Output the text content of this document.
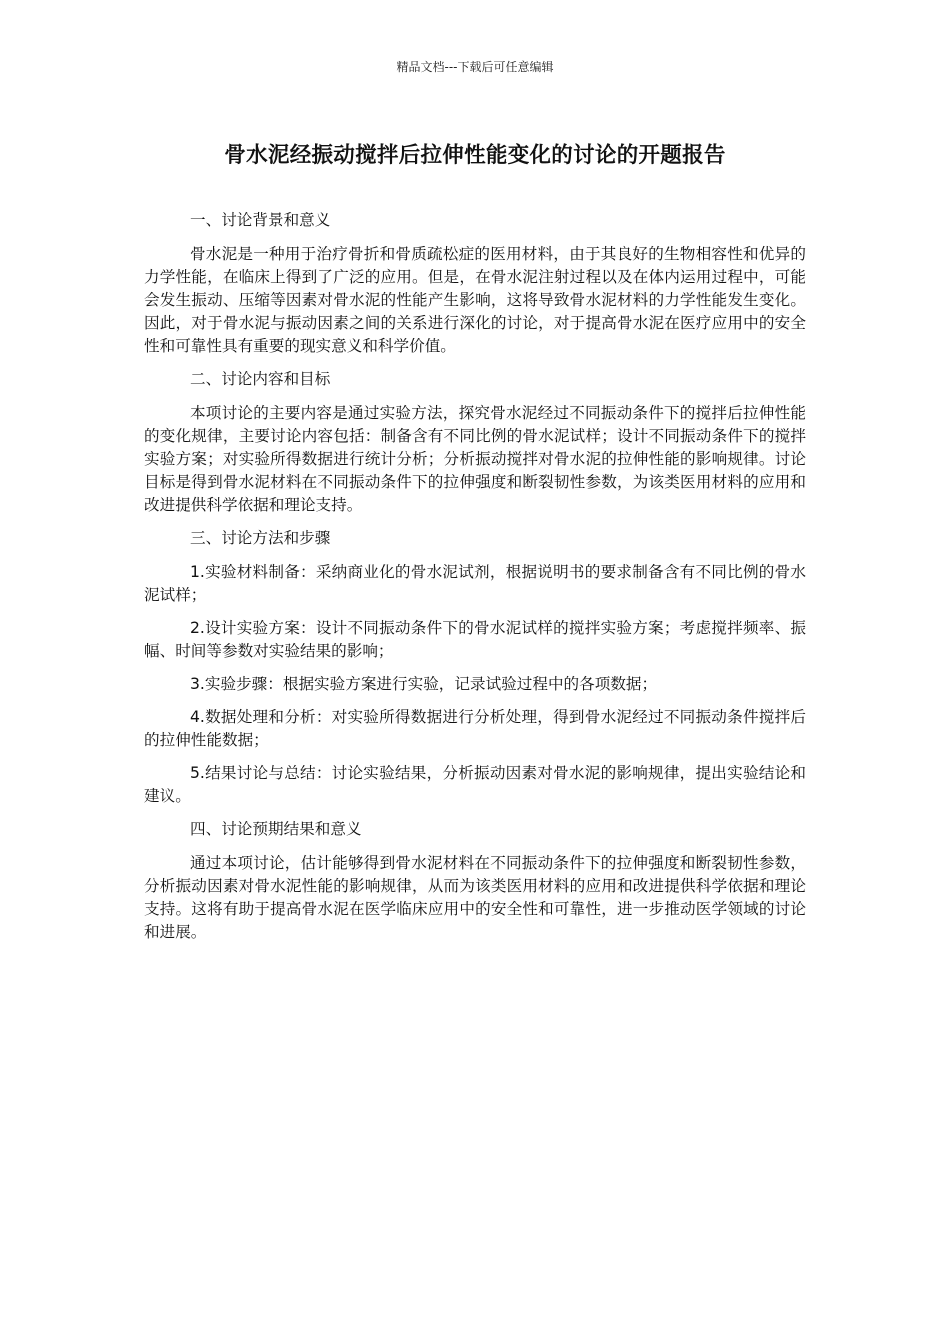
精品文档---下载后可任意编辑
骨水泥经振动搅拌后拉伸性能变化的讨论的开题报告

一、讨论背景和意义

骨水泥是一种用于治疗骨折和骨质疏松症的医用材料，由于其良好的生物相容性和优异的力学性能，在临床上得到了广泛的应用。但是，在骨水泥注射过程以及在体内运用过程中，可能会发生振动、压缩等因素对骨水泥的性能产生影响，这将导致骨水泥材料的力学性能发生变化。因此，对于骨水泥与振动因素之间的关系进行深化的讨论，对于提高骨水泥在医疗应用中的安全性和可靠性具有重要的现实意义和科学价值。

二、讨论内容和目标

本项讨论的主要内容是通过实验方法，探究骨水泥经过不同振动条件下的搅拌后拉伸性能的变化规律，主要讨论内容包括：制备含有不同比例的骨水泥试样；设计不同振动条件下的搅拌实验方案；对实验所得数据进行统计分析；分析振动搅拌对骨水泥的拉伸性能的影响规律。讨论目标是得到骨水泥材料在不同振动条件下的拉伸强度和断裂韧性参数，为该类医用材料的应用和改进提供科学依据和理论支持。

三、讨论方法和步骤

1.实验材料制备：采纳商业化的骨水泥试剂，根据说明书的要求制备含有不同比例的骨水泥试样；

2.设计实验方案：设计不同振动条件下的骨水泥试样的搅拌实验方案；考虑搅拌频率、振幅、时间等参数对实验结果的影响；

3.实验步骤：根据实验方案进行实验，记录试验过程中的各项数据；

4.数据处理和分析：对实验所得数据进行分析处理，得到骨水泥经过不同振动条件搅拌后的拉伸性能数据；

5.结果讨论与总结：讨论实验结果，分析振动因素对骨水泥的影响规律，提出实验结论和建议。

四、讨论预期结果和意义

通过本项讨论，估计能够得到骨水泥材料在不同振动条件下的拉伸强度和断裂韧性参数，分析振动因素对骨水泥性能的影响规律，从而为该类医用材料的应用和改进提供科学依据和理论支持。这将有助于提高骨水泥在医学临床应用中的安全性和可靠性，进一步推动医学领域的讨论和进展。
